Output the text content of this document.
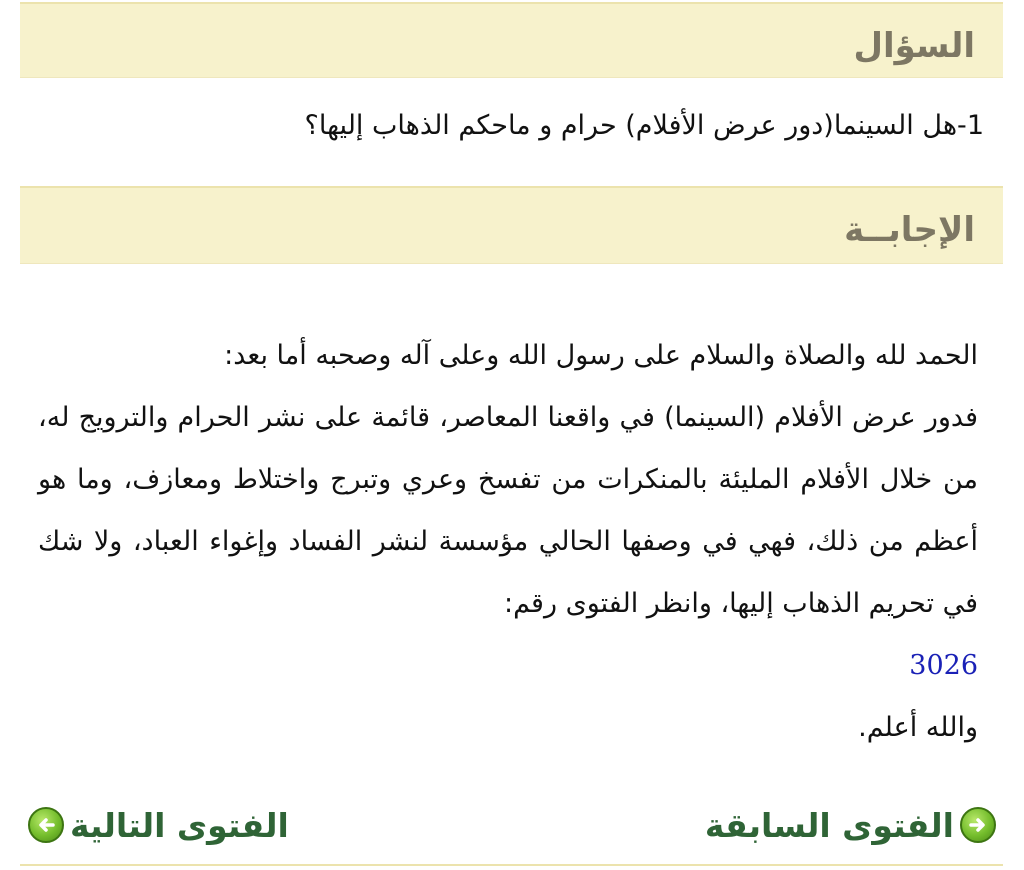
السؤال
1-هل السينما(دور عرض الأفلام) حرام و ماحكم الذهاب إليها؟
الإجابــة

الحمد لله والصلاة والسلام على رسول الله وعلى آله وصحبه أما بعد:

فدور عرض الأفلام (السينما) في واقعنا المعاصر، قائمة على نشر الحرام والترويج له، من خلال الأفلام المليئة بالمنكرات من تفسخ وعري وتبرج واختلاط ومعازف، وما هو أعظم من ذلك، فهي في وصفها الحالي مؤسسة لنشر الفساد وإغواء العباد، ولا شك في تحريم الذهاب إليها، وانظر الفتوى رقم:

3026

والله أعلم.

الفتوى السابقة
الفتوى التالية
